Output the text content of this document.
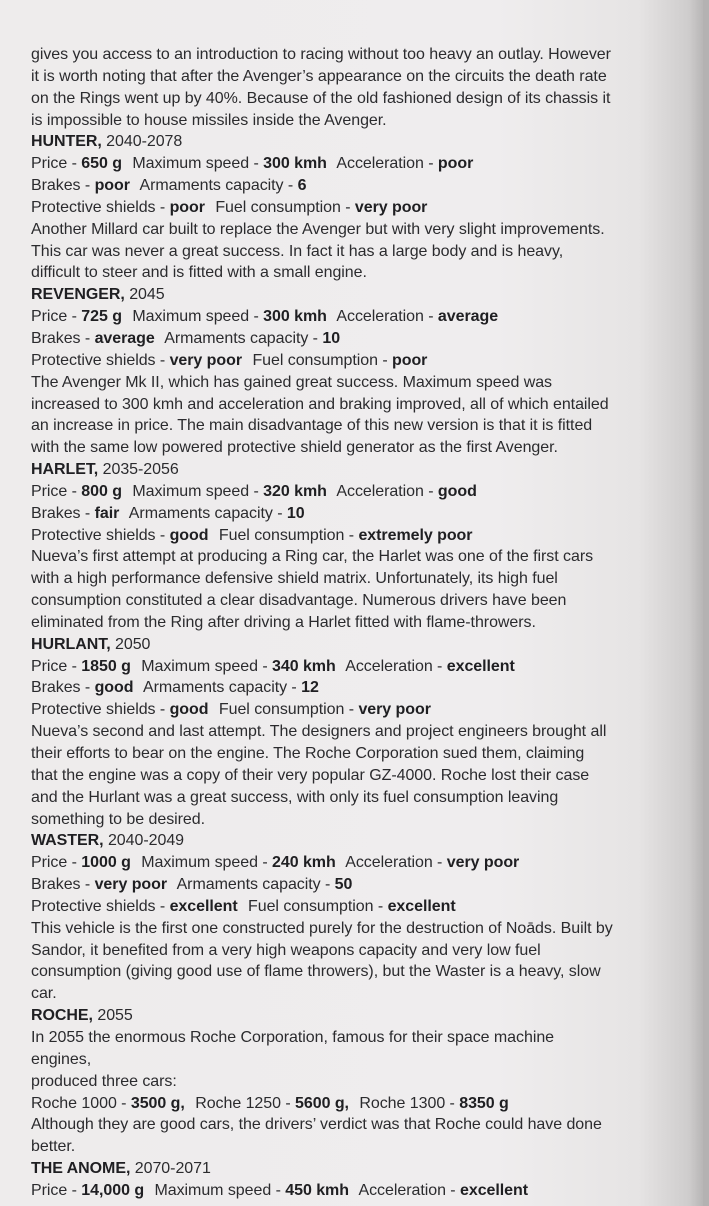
gives you access to an introduction to racing without too heavy an outlay. However
it is worth noting that after the Avenger’s appearance on the circuits the death rate
on the Rings went up by 40%. Because of the old fashioned design of its chassis it
is impossible to house missiles inside the Avenger.
HUNTER, 2040-2078
Price - 650 g Maximum speed - 300 kmh Acceleration - poor
Brakes - poor Armaments capacity - 6
Protective shields - poor Fuel consumption - very poor
Another Millard car built to replace the Avenger but with very slight improvements.
This car was never a great success. In fact it has a large body and is heavy,
difficult to steer and is fitted with a small engine.
REVENGER, 2045
Price - 725 g Maximum speed - 300 kmh Acceleration - average
Brakes - average Armaments capacity - 10
Protective shields - very poor Fuel consumption - poor
The Avenger Mk II, which has gained great success. Maximum speed was
increased to 300 kmh and acceleration and braking improved, all of which entailed
an increase in price. The main disadvantage of this new version is that it is fitted
with the same low powered protective shield generator as the first Avenger.
HARLET, 2035-2056
Price - 800 g Maximum speed - 320 kmh Acceleration - good
Brakes - fair Armaments capacity - 10
Protective shields - good Fuel consumption - extremely poor
Nueva’s first attempt at producing a Ring car, the Harlet was one of the first cars
with a high performance defensive shield matrix. Unfortunately, its high fuel
consumption constituted a clear disadvantage. Numerous drivers have been
eliminated from the Ring after driving a Harlet fitted with flame-throwers.
HURLANT, 2050
Price - 1850 g Maximum speed - 340 kmh Acceleration - excellent
Brakes - good Armaments capacity - 12
Protective shields - good Fuel consumption - very poor
Nueva’s second and last attempt. The designers and project engineers brought all
their efforts to bear on the engine. The Roche Corporation sued them, claiming
that the engine was a copy of their very popular GZ-4000. Roche lost their case
and the Hurlant was a great success, with only its fuel consumption leaving
something to be desired.
WASTER, 2040-2049
Price - 1000 g Maximum speed - 240 kmh Acceleration - very poor
Brakes - very poor Armaments capacity - 50
Protective shields - excellent Fuel consumption - excellent
This vehicle is the first one constructed purely for the destruction of Noāds. Built by
Sandor, it benefited from a very high weapons capacity and very low fuel
consumption (giving good use of flame throwers), but the Waster is a heavy, slow
car.
ROCHE, 2055
In 2055 the enormous Roche Corporation, famous for their space machine
engines,
produced three cars:
Roche 1000 - 3500 g, Roche 1250 - 5600 g, Roche 1300 - 8350 g
Although they are good cars, the drivers’ verdict was that Roche could have done
better.
THE ANOME, 2070-2071
Price - 14,000 g Maximum speed - 450 kmh Acceleration - excellent
